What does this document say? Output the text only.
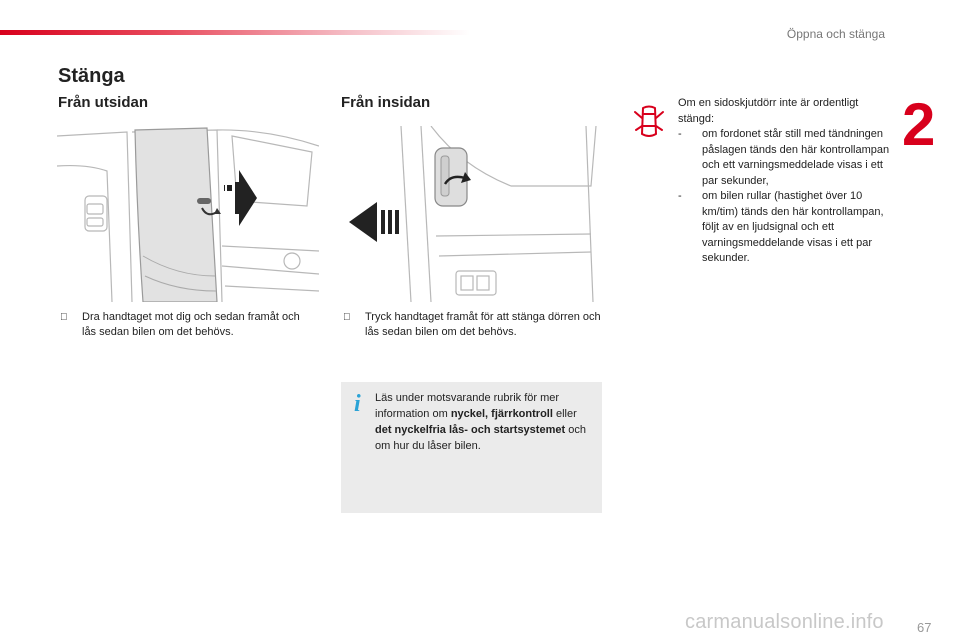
Öppna och stänga
2
Stänga
Från utsidan	Från insidan
Dra handtaget mot dig och sedan framåt och lås sedan bilen om det behövs.
Tryck handtaget framåt för att stänga dörren och lås sedan bilen om det behövs.
i Läs under motsvarande rubrik för mer information om nyckel, fjärrkontroll eller det nyckelfria lås- och startsystemet och om hur du låser bilen.
Om en sidoskjutdörr inte är ordentligt stängd:
- om fordonet står still med tändningen påslagen tänds den här kontrollampan och ett varningsmeddelade visas i ett par sekunder,
- om bilen rullar (hastighet över 10 km/tim) tänds den här kontrollampan, följt av en ljudsignal och ett varningsmeddelande visas i ett par sekunder.
carmanualsonline.info	67
